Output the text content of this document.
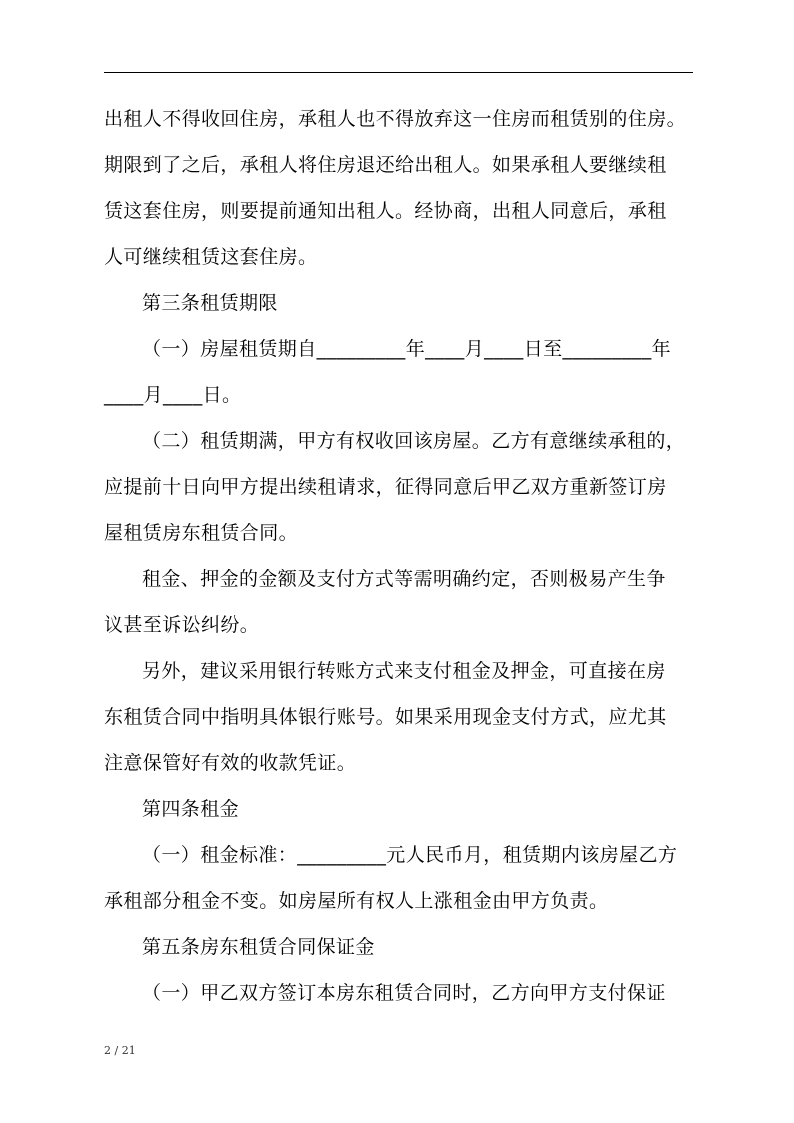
出租人不得收回住房，承租人也不得放弃这一住房而租赁别的住房。
期限到了之后，承租人将住房退还给出租人。如果承租人要继续租
赁这套住房，则要提前通知出租人。经协商，出租人同意后，承租
人可继续租赁这套住房。
第三条租赁期限
（一）房屋租赁期自_________年____月____日至_________年
____月____日。
（二）租赁期满，甲方有权收回该房屋。乙方有意继续承租的，
应提前十日向甲方提出续租请求，征得同意后甲乙双方重新签订房
屋租赁房东租赁合同。
租金、押金的金额及支付方式等需明确约定，否则极易产生争
议甚至诉讼纠纷。
另外，建议采用银行转账方式来支付租金及押金，可直接在房
东租赁合同中指明具体银行账号。如果采用现金支付方式，应尤其
注意保管好有效的收款凭证。
第四条租金
（一）租金标准：_________元人民币月，租赁期内该房屋乙方
承租部分租金不变。如房屋所有权人上涨租金由甲方负责。
第五条房东租赁合同保证金
（一）甲乙双方签订本房东租赁合同时，乙方向甲方支付保证
2 / 21
